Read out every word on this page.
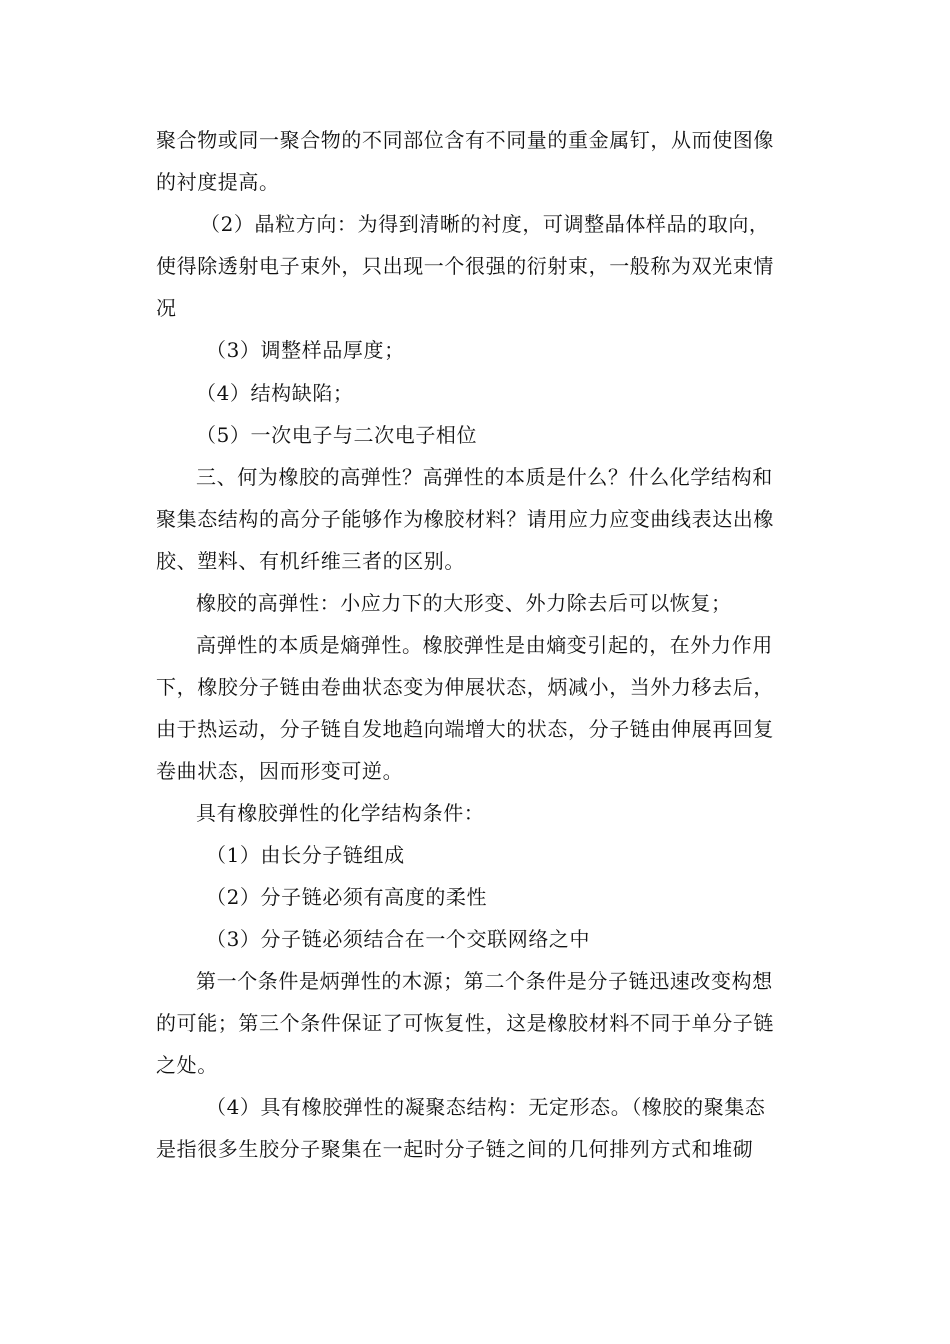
聚合物或同一聚合物的不同部位含有不同量的重金属钉，从而使图像
的衬度提高。
（2）晶粒方向：为得到清晰的衬度，可调整晶体样品的取向，
使得除透射电子束外，只出现一个很强的衍射束，一般称为双光束情
况
（3）调整样品厚度；
（4）结构缺陷；
（5）一次电子与二次电子相位
三、何为橡胶的高弹性？高弹性的本质是什么？什么化学结构和
聚集态结构的高分子能够作为橡胶材料？请用应力应变曲线表达出橡
胶、塑料、有机纤维三者的区别。
橡胶的高弹性：小应力下的大形变、外力除去后可以恢复；
高弹性的本质是熵弹性。橡胶弹性是由熵变引起的，在外力作用
下，橡胶分子链由卷曲状态变为伸展状态，炳减小，当外力移去后，
由于热运动，分子链自发地趋向端增大的状态，分子链由伸展再回复
卷曲状态，因而形变可逆。
具有橡胶弹性的化学结构条件：
（1）由长分子链组成
（2）分子链必须有高度的柔性
（3）分子链必须结合在一个交联网络之中
第一个条件是炳弹性的木源；第二个条件是分子链迅速改变构想
的可能；第三个条件保证了可恢复性，这是橡胶材料不同于单分子链
之处。
（4）具有橡胶弹性的凝聚态结构：无定形态。（橡胶的聚集态
是指很多生胶分子聚集在一起时分子链之间的几何排列方式和堆砌
